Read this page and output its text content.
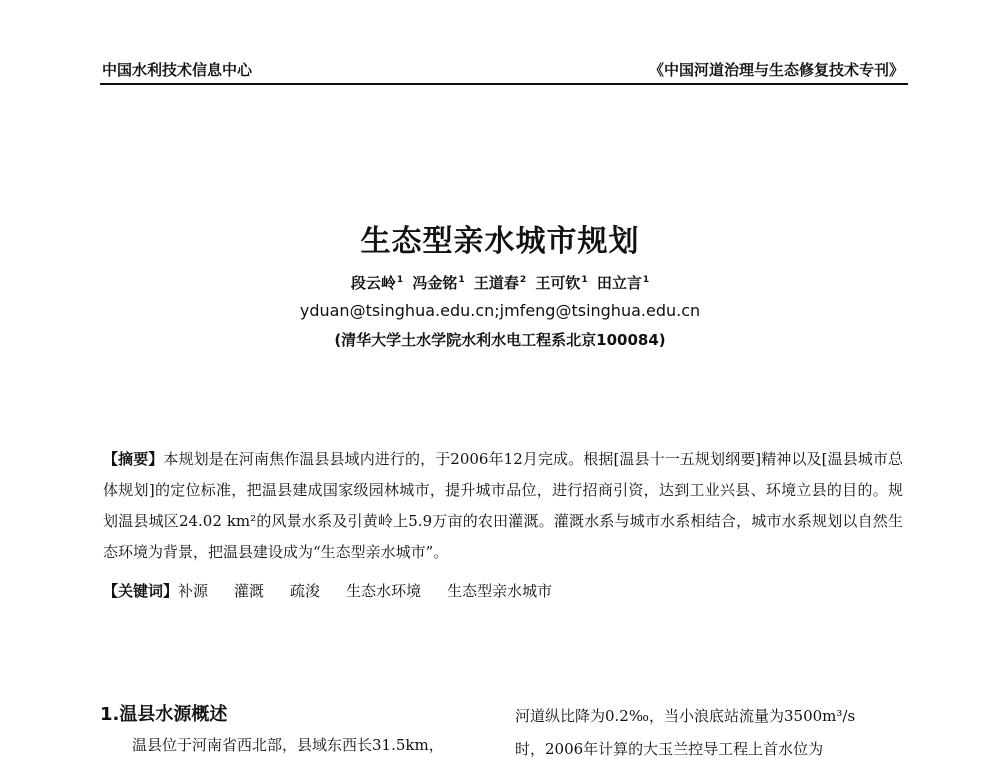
中国水利技术信息中心	《中国河道治理与生态修复技术专刊》
生态型亲水城市规划
段云岭$^1$ 冯金铭$^1$ 王道春$^2$ 王可钦$^1$ 田立言$^1$
yduan@tsinghua.edu.cn;jmfeng@tsinghua.edu.cn
(清华大学土水学院水利水电工程系北京100084)
【摘要】本规划是在河南焦作温县县域内进行的，于2006年12月完成。根据[温县十一五规划纲要]精神以及[温县城市总体规划]的定位标准，把温县建成国家级园林城市，提升城市品位，进行招商引资，达到工业兴县、环境立县的目的。规划温县城区24.02 km²的风景水系及引黄岭上5.9万亩的农田灌溉。灌溉水系与城市水系相结合，城市水系规划以自然生态环境为背景，把温县建设成为“生态型亲水城市”。
【关键词】补源 灌溉 疏浚 生态水环境 生态型亲水城市
1.温县水源概述
温县位于河南省西北部，县域东西长31.5km，
河道纵比降为0.2‰，当小浪底站流量为3500m³/s
时，2006年计算的大玉兰控导工程上首水位为
